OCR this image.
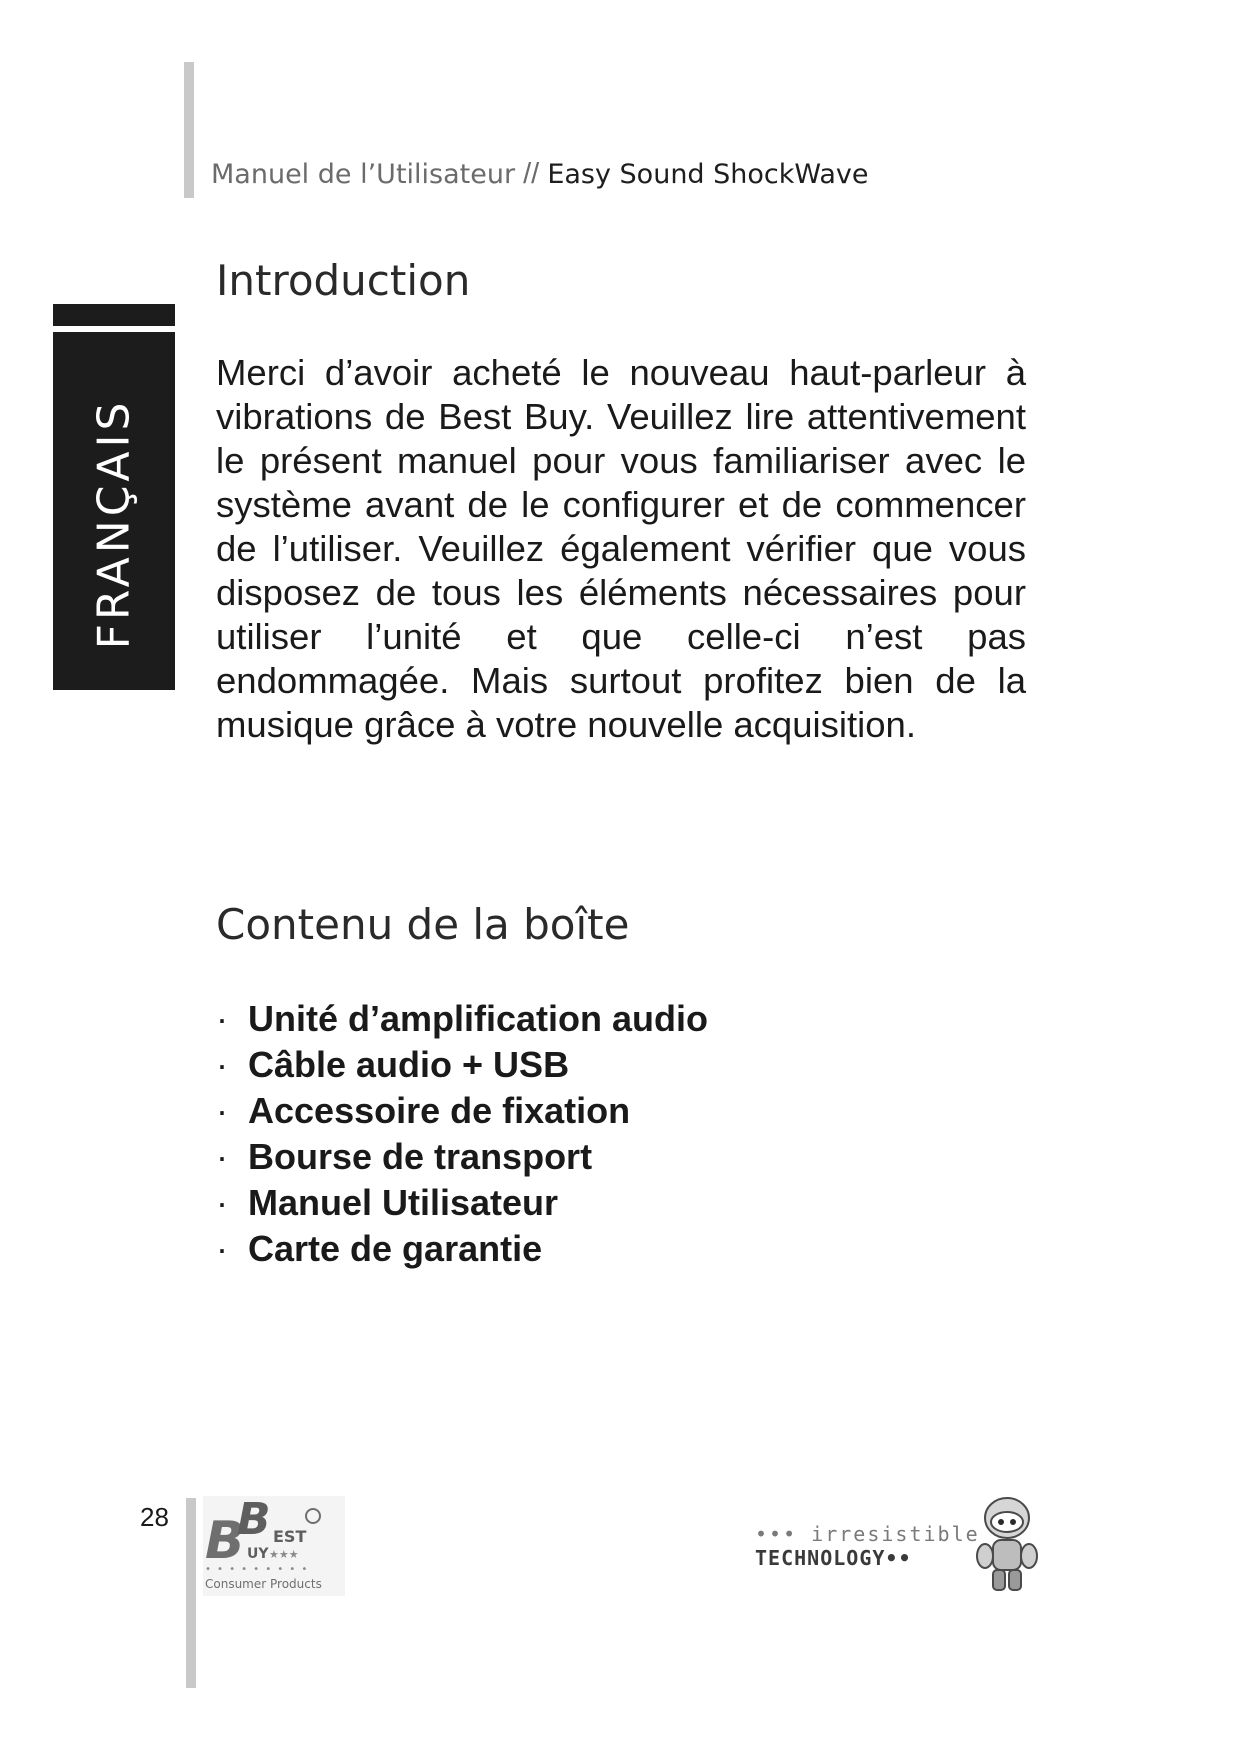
Manuel de l’Utilisateur // Easy Sound ShockWave
FRANÇAIS
Introduction

Merci d’avoir acheté le nouveau haut-parleur à vibrations de Best Buy. Veuillez lire attentivement le présent manuel pour vous familiariser avec le système avant de le configurer et de commencer de l’utiliser. Veuillez également vérifier que vous disposez de tous les éléments nécessaires pour utiliser l’unité et que celle-ci n’est pas endommagée. Mais surtout profitez bien de la musique grâce à votre nouvelle acquisition.

Contenu de la boîte
· Unité d’amplification audio
· Câble audio + USB
· Accessoire de fixation
· Bourse de transport
· Manuel Utilisateur
· Carte de garantie
28 B
B EST
UY ★★★
• • • • • • • • •
Consumer Products
••• irresistible
TECHNOLOGY••
